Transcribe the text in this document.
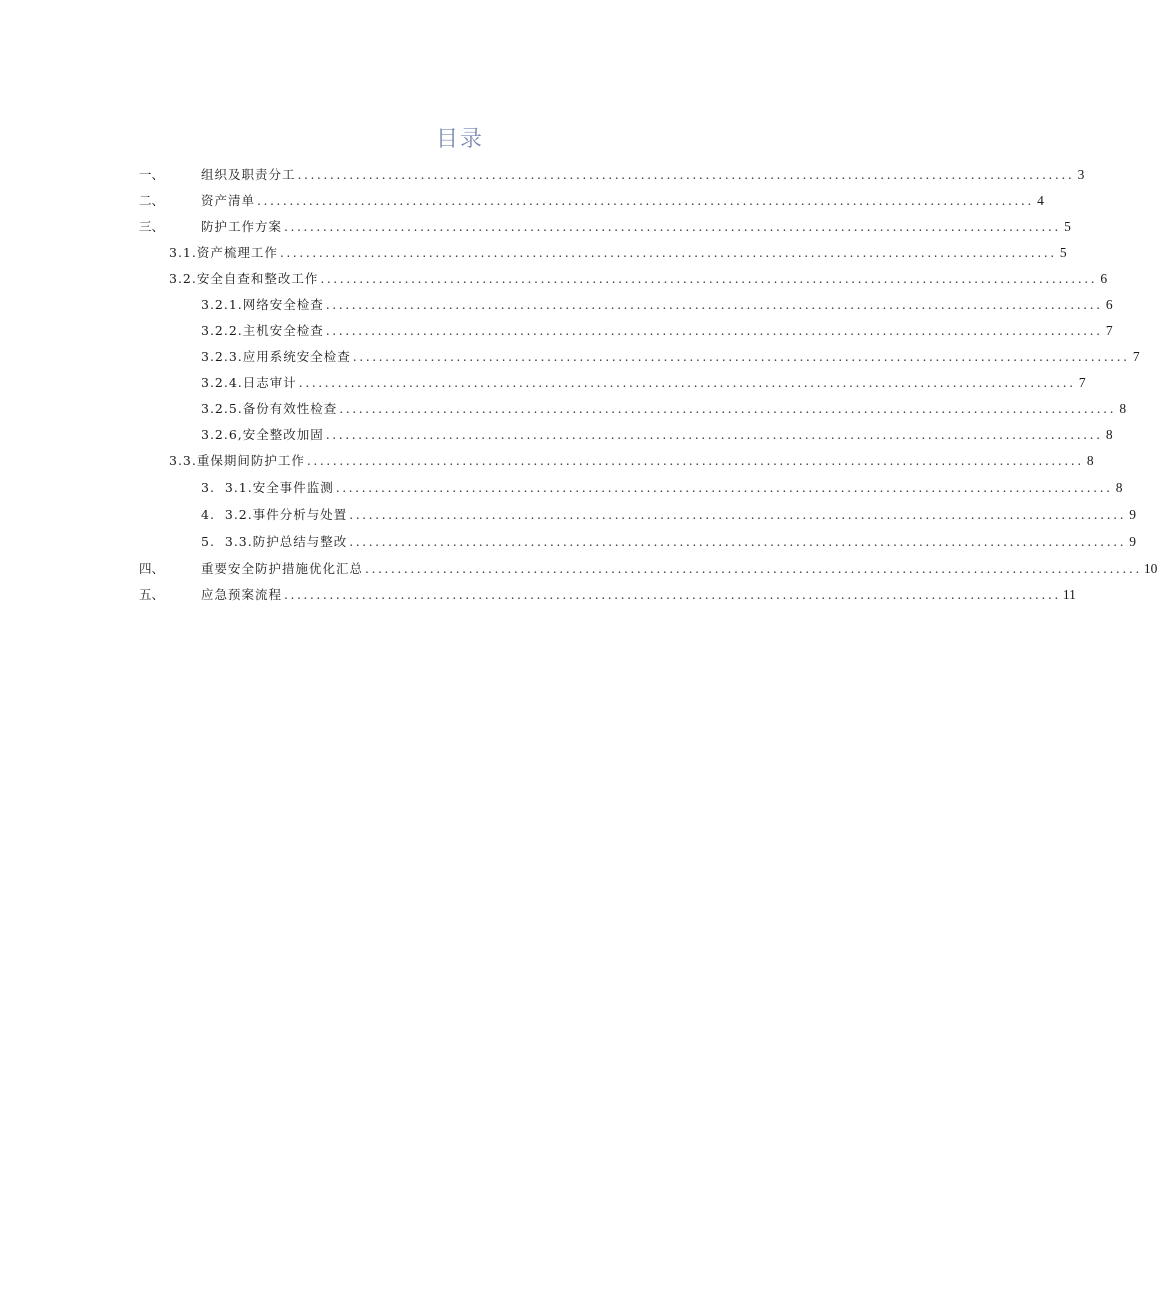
目录
一、	组织及职责分工 ........................................................................................................................ 3
二、	资产清单 ........................................................................................................................ 4
三、	防护工作方案 ........................................................................................................................ 5
3.1.资产梳理工作 ........................................................................................................................ 5
3.2.安全自查和整改工作 ........................................................................................................................ 6
3.2.1.网络安全检查 ........................................................................................................................ 6
3.2.2.主机安全检查 ........................................................................................................................ 7
3.2.3.应用系统安全检查 ........................................................................................................................ 7
3.2.4.日志审计 ........................................................................................................................ 7
3.2.5.备份有效性检查 ........................................................................................................................ 8
3.2.6,安全整改加固 ........................................................................................................................ 8
3.3.重保期间防护工作 ........................................................................................................................ 8
3.  3.1.安全事件监测 ........................................................................................................................ 8
4.  3.2.事件分析与处置 ........................................................................................................................ 9
5.  3.3.防护总结与整改 ........................................................................................................................ 9
四、	重要安全防护措施优化汇总 ........................................................................................................................ 10
五、	应急预案流程 ........................................................................................................................ 11
